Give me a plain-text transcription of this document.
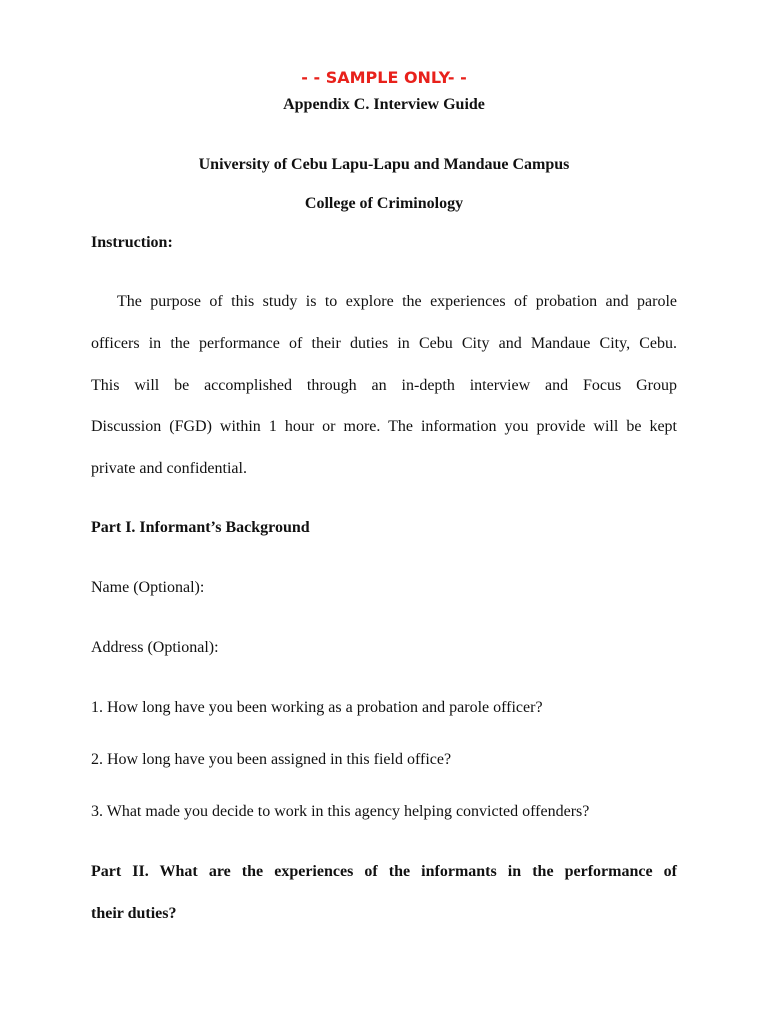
- - SAMPLE ONLY- -
Appendix C. Interview Guide
University of Cebu Lapu-Lapu and Mandaue Campus
College of Criminology
Instruction:
The purpose of this study is to explore the experiences of probation and parole
officers in the performance of their duties in Cebu City and Mandaue City, Cebu.
This will be accomplished through an in-depth interview and Focus Group
Discussion (FGD) within 1 hour or more. The information you provide will be kept
private and confidential.
Part I. Informant’s Background
Name (Optional):
Address (Optional):
1. How long have you been working as a probation and parole officer?
2. How long have you been assigned in this field office?
3. What made you decide to work in this agency helping convicted offenders?
Part II. What are the experiences of the informants in the performance of
their duties?
